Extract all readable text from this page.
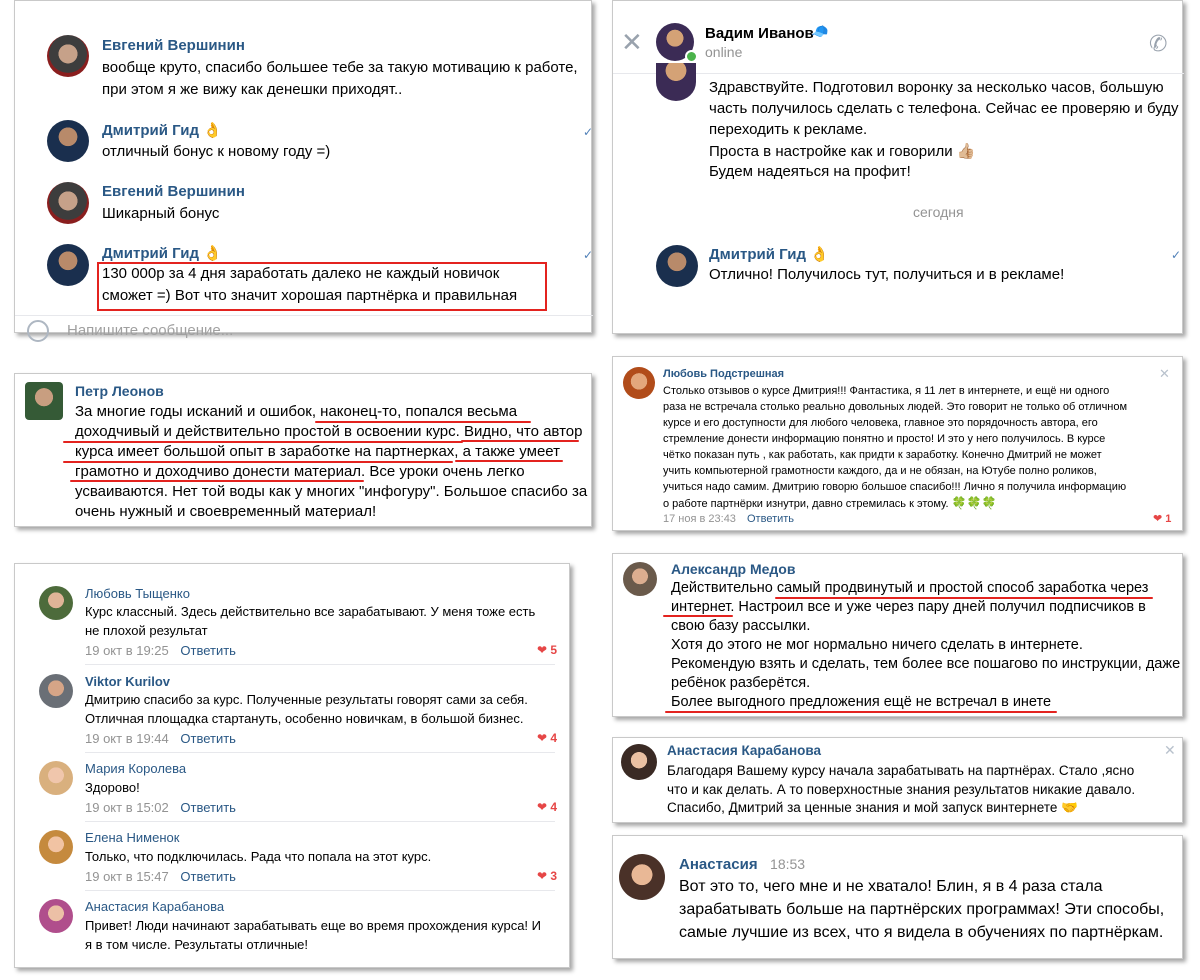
Евгений Вершинин
вообще круто, спасибо большее тебе за такую мотивацию к работе,
при этом я же вижу как денешки приходят..
Дмитрий Гид 👌
отличный бонус к новому году =)
✓
Евгений Вершинин
Шикарный бонус
Дмитрий Гид 👌	✓
130 000р за 4 дня заработать далеко не каждый новичок
сможет =) Вот что значит хорошая партнёрка и правильная
Напишите сообщение...
✕	Вадим Иванов
🧢
online	✆
Здравствуйте. Подготовил воронку за несколько часов, большую
часть получилось сделать с телефона. Сейчас ее проверяю и буду
переходить к рекламе.
Проста в настройке как и говорили 👍🏼
Будем надеяться на профит!
сегодня
Дмитрий Гид 👌	✓
Отлично! Получилось тут, получиться и в рекламе!
Петр Леонов
За многие годы исканий и ошибок, наконец-то, попался весьма
доходчивый и действительно простой в освоении курс. Видно, что автор
курса имеет большой опыт в заработке на партнерках, а также умеет
грамотно и доходчиво донести материал. Все уроки очень легко
усваиваются. Нет той воды как у многих "инфогуру". Большое спасибо за
очень нужный и своевременный материал!
Любовь Подстрешная	✕
Столько отзывов о курсе Дмитрия!!! Фантастика, я 11 лет в интернете, и ещё ни одного
раза не встречала столько реально довольных людей. Это говорит не только об отличном
курсе и его доступности для любого человека, главное это порядочность автора, его
стремление донести информацию понятно и просто! И это у него получилось. В курсе
чётко показан путь , как работать, как придти к заработку. Конечно Дмитрий не может
учить компьютерной грамотности каждого, да и не обязан, на Ютубе полно роликов,
учиться надо самим. Дмитрию говорю большое спасибо!!! Лично я получила информацию
о работе партнёрки изнутри, давно стремилась к этому. 🍀🍀🍀
17 ноя в 23:43 Ответить	❤ 1
Любовь Тыщенко
Курс классный. Здесь действительно все зарабатывают. У меня тоже есть
не плохой результат
19 окт в 19:25 Ответить	❤ 5
Viktor Kurilov
Дмитрию спасибо за курс. Полученные результаты говорят сами за себя.
Отличная площадка стартануть, особенно новичкам, в большой бизнес.
19 окт в 19:44 Ответить	❤ 4
Мария Королева
Здорово!
19 окт в 15:02 Ответить	❤ 4
Елена Нименок
Только, что подключилась. Рада что попала на этот курс.
19 окт в 15:47 Ответить	❤ 3
Анастасия Карабанова
Привет! Люди начинают зарабатывать еще во время прохождения курса! И
я в том числе. Результаты отличные!
Александр Медов
Действительно самый продвинутый и простой способ заработка через
интернет. Настроил все и уже через пару дней получил подписчиков в
свою базу рассылки.
Хотя до этого не мог нормально ничего сделать в интернете.
Рекомендую взять и сделать, тем более все пошагово по инструкции, даже
ребёнок разберётся.
Более выгодного предложения ещё не встречал в инете
Анастасия Карабанова	✕
Благодаря Вашему курсу начала зарабатывать на партнёрах. Стало ,ясно
что и как делать. А то поверхностные знания результатов никакие давало.
Спасибо, Дмитрий за ценные знания и мой запуск винтернете 🤝
Анастасия 18:53
Вот это то, чего мне и не хватало! Блин, я в 4 раза стала
зарабатывать больше на партнёрских программах! Эти способы,
самые лучшие из всех, что я видела в обучениях по партнёркам.
